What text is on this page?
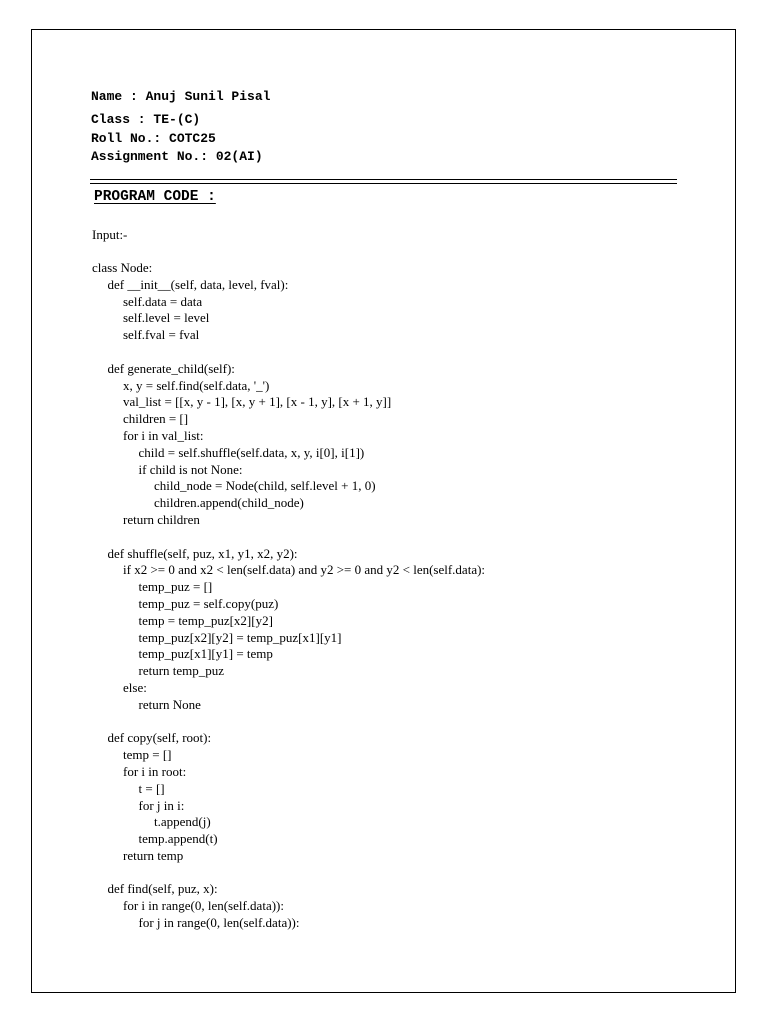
Name : Anuj Sunil Pisal
Class : TE-(C)
Roll No.: COTC25
Assignment No.: 02(AI)
PROGRAM CODE :
Input:-
class Node:
def __init__(self, data, level, fval):
self.data = data
self.level = level
self.fval = fval
def generate_child(self):
x, y = self.find(self.data, '_')
val_list = [[x, y - 1], [x, y + 1], [x - 1, y], [x + 1, y]]
children = []
for i in val_list:
child = self.shuffle(self.data, x, y, i[0], i[1])
if child is not None:
child_node = Node(child, self.level + 1, 0)
children.append(child_node)
return children
def shuffle(self, puz, x1, y1, x2, y2):
if x2 >= 0 and x2 < len(self.data) and y2 >= 0 and y2 < len(self.data):
temp_puz = []
temp_puz = self.copy(puz)
temp = temp_puz[x2][y2]
temp_puz[x2][y2] = temp_puz[x1][y1]
temp_puz[x1][y1] = temp
return temp_puz
else:
return None
def copy(self, root):
temp = []
for i in root:
t = []
for j in i:
t.append(j)
temp.append(t)
return temp
def find(self, puz, x):
for i in range(0, len(self.data)):
for j in range(0, len(self.data)):
